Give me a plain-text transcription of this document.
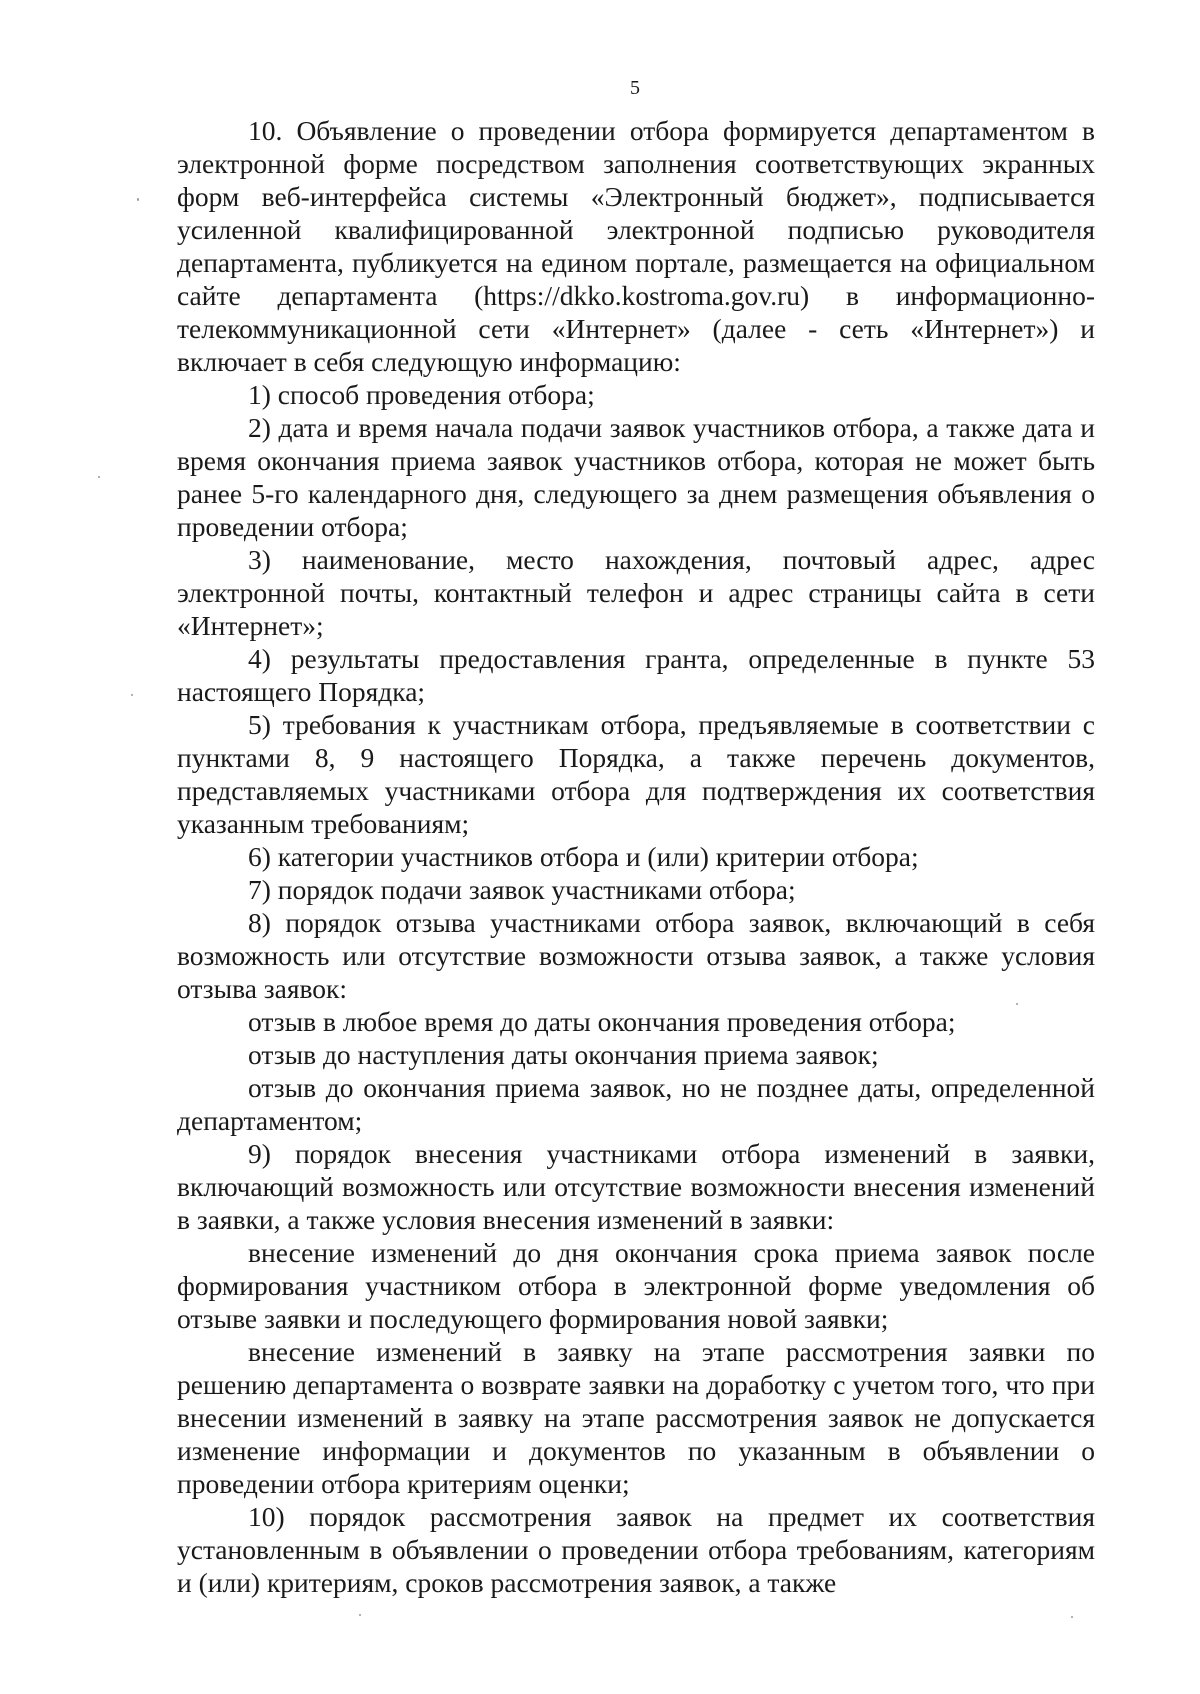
5

10. Объявление о проведении отбора формируется департаментом в электронной форме посредством заполнения соответствующих экранных форм веб-интерфейса системы «Электронный бюджет», подписывается усиленной квалифицированной электронной подписью руководителя департамента, публикуется на едином портале, размещается на официальном сайте департамента (https://dkko.kostroma.gov.ru) в информационно-телекоммуникационной сети «Интернет» (далее - сеть «Интернет») и включает в себя следующую информацию:

1) способ проведения отбора;

2) дата и время начала подачи заявок участников отбора, а также дата и время окончания приема заявок участников отбора, которая не может быть ранее 5-го календарного дня, следующего за днем размещения объявления о проведении отбора;

3) наименование, место нахождения, почтовый адрес, адрес электронной почты, контактный телефон и адрес страницы сайта в сети «Интернет»;

4) результаты предоставления гранта, определенные в пункте 53 настоящего Порядка;

5) требования к участникам отбора, предъявляемые в соответствии с пунктами 8, 9 настоящего Порядка, а также перечень документов, представляемых участниками отбора для подтверждения их соответствия указанным требованиям;

6) категории участников отбора и (или) критерии отбора;

7) порядок подачи заявок участниками отбора;

8) порядок отзыва участниками отбора заявок, включающий в себя возможность или отсутствие возможности отзыва заявок, а также условия отзыва заявок:

отзыв в любое время до даты окончания проведения отбора;

отзыв до наступления даты окончания приема заявок;

отзыв до окончания приема заявок, но не позднее даты, определенной департаментом;

9) порядок внесения участниками отбора изменений в заявки, включающий возможность или отсутствие возможности внесения изменений в заявки, а также условия внесения изменений в заявки:

внесение изменений до дня окончания срока приема заявок после формирования участником отбора в электронной форме уведомления об отзыве заявки и последующего формирования новой заявки;

внесение изменений в заявку на этапе рассмотрения заявки по решению департамента о возврате заявки на доработку с учетом того, что при внесении изменений в заявку на этапе рассмотрения заявок не допускается изменение информации и документов по указанным в объявлении о проведении отбора критериям оценки;

10) порядок рассмотрения заявок на предмет их соответствия установленным в объявлении о проведении отбора требованиям, категориям и (или) критериям, сроков рассмотрения заявок, а также
